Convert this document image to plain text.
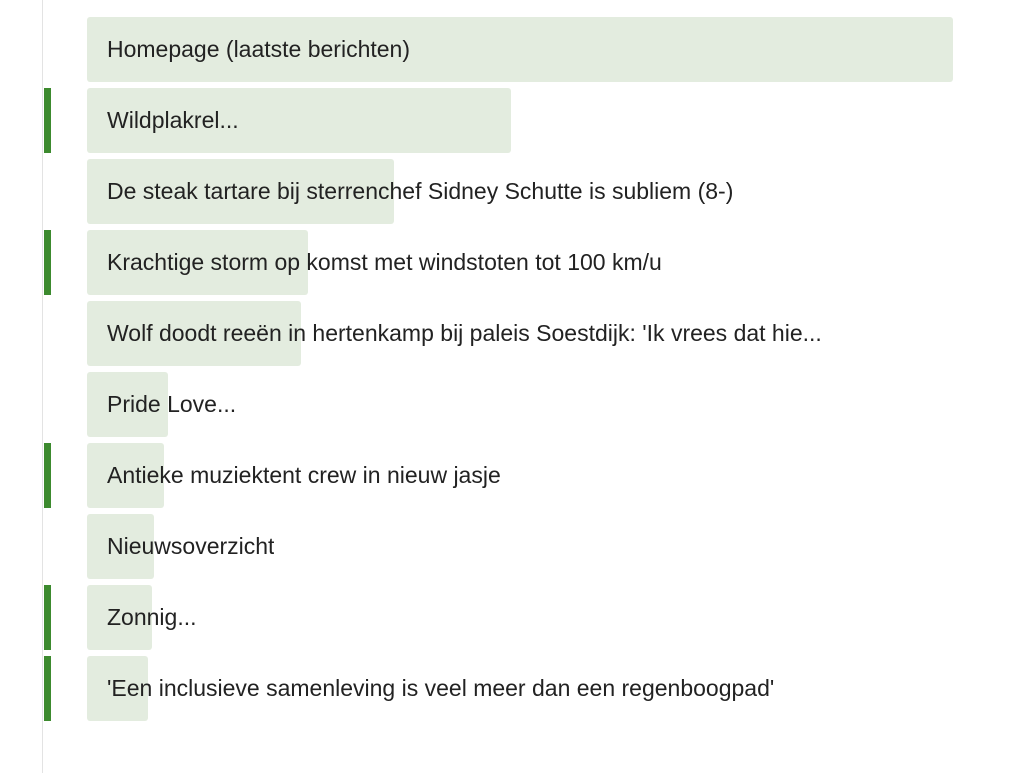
Homepage (laatste berichten)
Wildplakrel...
De steak tartare bij sterrenchef Sidney Schutte is subliem (8-)
Krachtige storm op komst met windstoten tot 100 km/u
Wolf doodt reeën in hertenkamp bij paleis Soestdijk: 'Ik vrees dat hie...
Pride Love...
Antieke muziektent crew in nieuw jasje
Nieuwsoverzicht
Zonnig...
'Een inclusieve samenleving is veel meer dan een regenboogpad'
